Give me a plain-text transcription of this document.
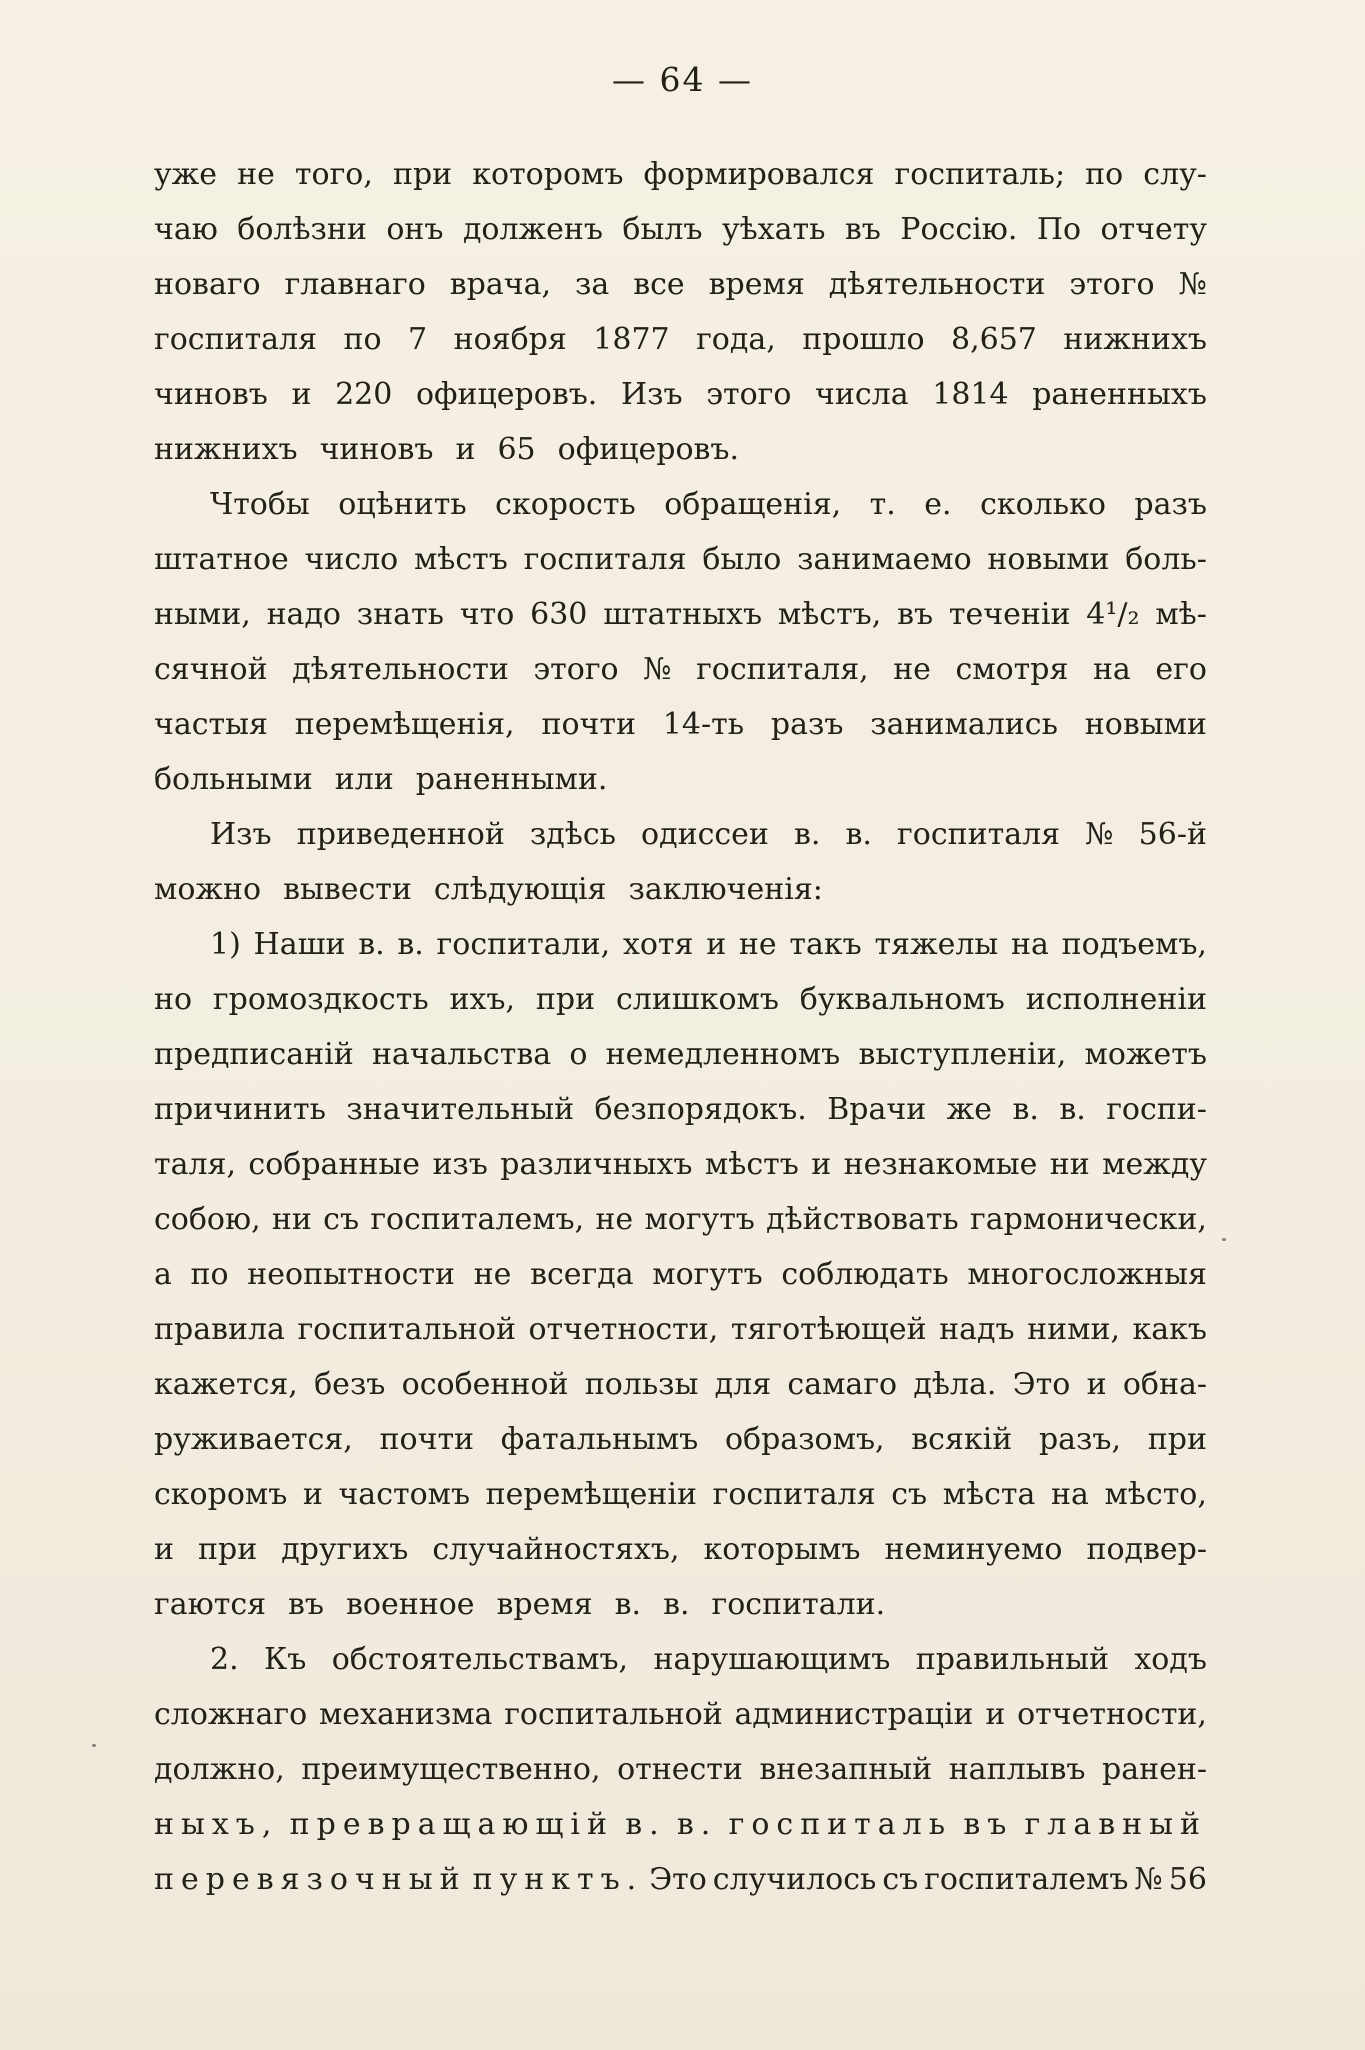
— 64 —
уже не того, при которомъ формировался госпиталь; по слу-
чаю болѣзни онъ долженъ былъ уѣхать въ Россію. По отчету
новаго главнаго врача, за все время дѣятельности этого №
госпиталя по 7 ноября 1877 года, прошло 8,657 нижнихъ
чиновъ и 220 офицеровъ. Изъ этого числа 1814 раненныхъ
нижнихъ чиновъ и 65 офицеровъ.
Чтобы оцѣнить скорость обращенія, т. е. сколько разъ
штатное число мѣстъ госпиталя было занимаемо новыми боль-
ными, надо знать что 630 штатныхъ мѣстъ, въ теченіи 4¹/₂ мѣ-
сячной дѣятельности этого № госпиталя, не смотря на его
частыя перемѣщенія, почти 14-ть разъ занимались новыми
больными или раненными.
Изъ приведенной здѣсь одиссеи в. в. госпиталя № 56-й
можно вывести слѣдующія заключенія:
1) Наши в. в. госпитали, хотя и не такъ тяжелы на подъемъ,
но громоздкость ихъ, при слишкомъ буквальномъ исполненіи
предписаній начальства о немедленномъ выступленіи, можетъ
причинить значительный безпорядокъ. Врачи же в. в. госпи-
таля, собранные изъ различныхъ мѣстъ и незнакомые ни между
собою, ни съ госпиталемъ, не могутъ дѣйствовать гармонически,
а по неопытности не всегда могутъ соблюдать многосложныя
правила госпитальной отчетности, тяготѣющей надъ ними, какъ
кажется, безъ особенной пользы для самаго дѣла. Это и обна-
руживается, почти фатальнымъ образомъ, всякій разъ, при
скоромъ и частомъ перемѣщеніи госпиталя съ мѣста на мѣсто,
и при другихъ случайностяхъ, которымъ неминуемо подвер-
гаются въ военное время в. в. госпитали.
2. Къ обстоятельствамъ, нарушающимъ правильный ходъ
сложнаго механизма госпитальной администраціи и отчетности,
должно, преимущественно, отнести внезапный наплывъ ранен-
ныхъ, превращающій в. в. госпиталь въ главный
перевязочный пунктъ. Это случилось съ госпиталемъ № 56
